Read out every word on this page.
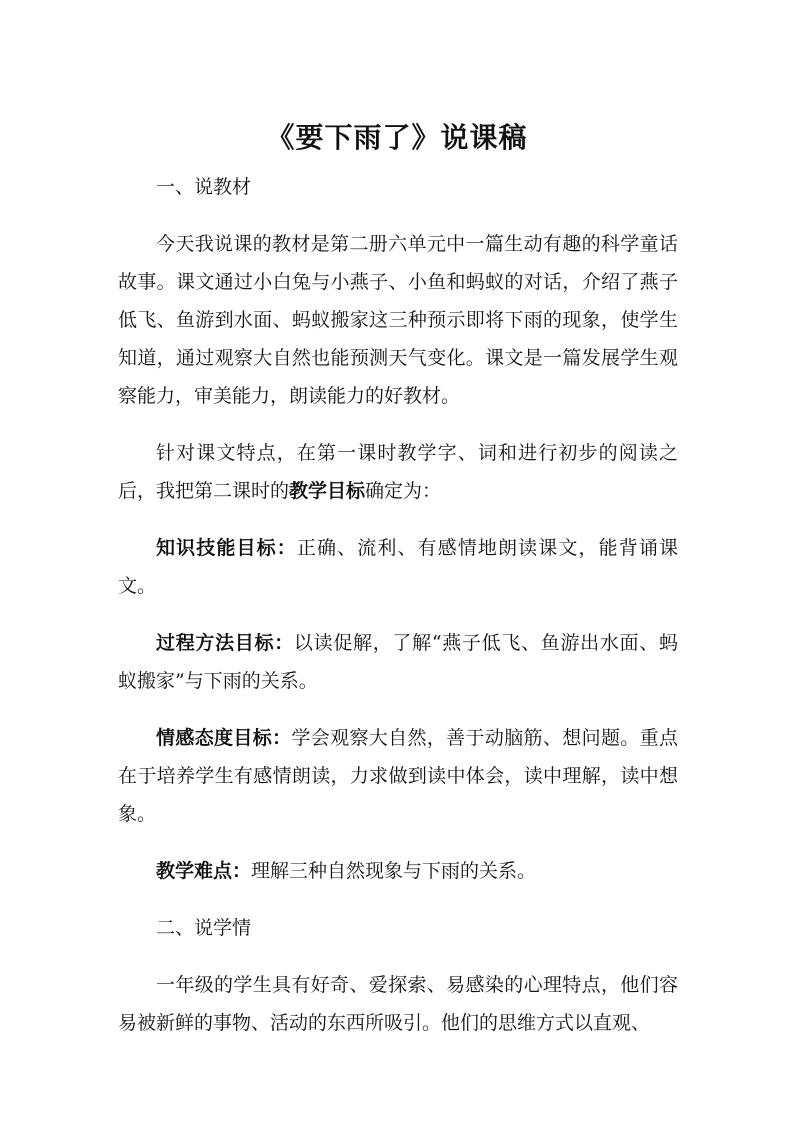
《要下雨了》说课稿
一、说教材

今天我说课的教材是第二册六单元中一篇生动有趣的科学童话故事。课文通过小白兔与小燕子、小鱼和蚂蚁的对话，介绍了燕子低飞、鱼游到水面、蚂蚁搬家这三种预示即将下雨的现象，使学生知道，通过观察大自然也能预测天气变化。课文是一篇发展学生观察能力，审美能力，朗读能力的好教材。

针对课文特点，在第一课时教学字、词和进行初步的阅读之后，我把第二课时的教学目标确定为：

知识技能目标：正确、流利、有感情地朗读课文，能背诵课文。

过程方法目标：以读促解，了解“燕子低飞、鱼游出水面、蚂蚁搬家”与下雨的关系。

情感态度目标：学会观察大自然，善于动脑筋、想问题。重点在于培养学生有感情朗读，力求做到读中体会，读中理解，读中想象。

教学难点：理解三种自然现象与下雨的关系。

二、说学情

一年级的学生具有好奇、爱探索、易感染的心理特点，他们容易被新鲜的事物、活动的东西所吸引。他们的思维方式以直观、
